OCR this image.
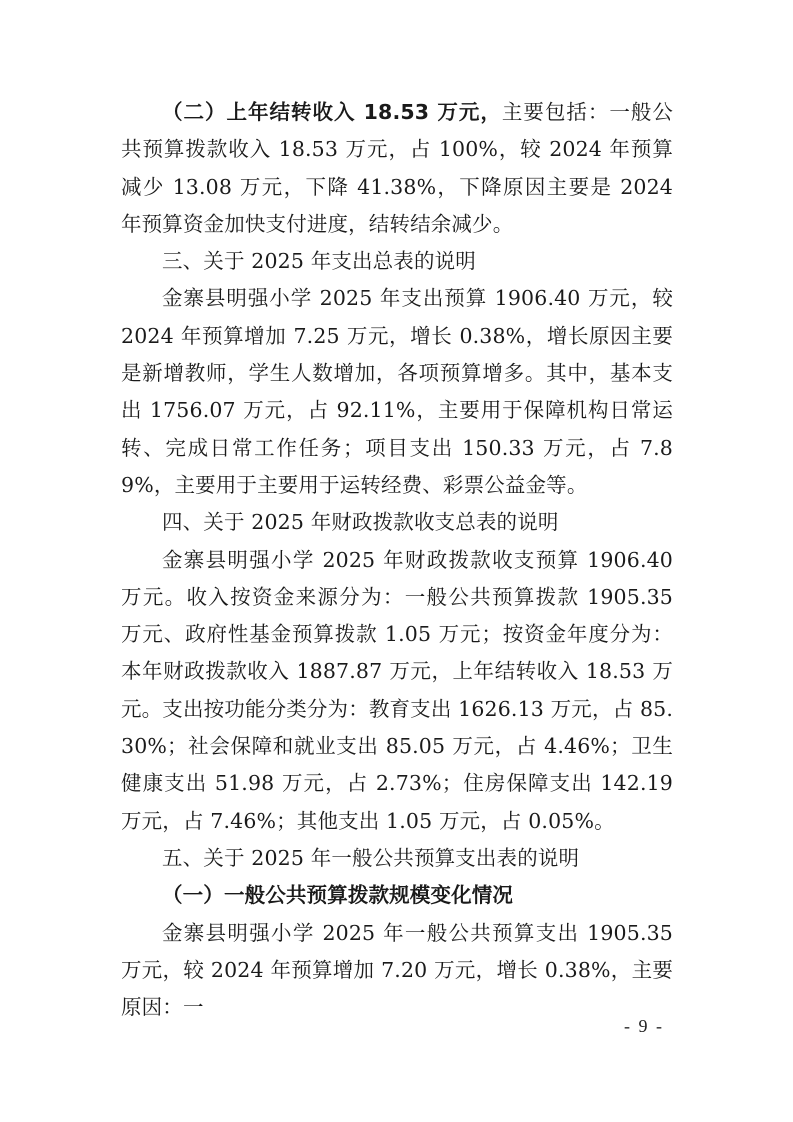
（二）上年结转收入 18.53 万元，主要包括：一般公共预算拨款收入 18.53 万元，占 100%，较 2024 年预算减少 13.08 万元，下降 41.38%，下降原因主要是 2024 年预算资金加快支付进度，结转结余减少。

三、关于 2025 年支出总表的说明

金寨县明强小学 2025 年支出预算 1906.40 万元，较 2024 年预算增加 7.25 万元，增长 0.38%，增长原因主要是新增教师，学生人数增加，各项预算增多。其中，基本支出 1756.07 万元，占 92.11%，主要用于保障机构日常运转、完成日常工作任务；项目支出 150.33 万元，占 7.89%，主要用于主要用于运转经费、彩票公益金等。

四、关于 2025 年财政拨款收支总表的说明

金寨县明强小学 2025 年财政拨款收支预算 1906.40 万元。收入按资金来源分为：一般公共预算拨款 1905.35 万元、政府性基金预算拨款 1.05 万元；按资金年度分为：本年财政拨款收入 1887.87 万元，上年结转收入 18.53 万元。支出按功能分类分为：教育支出 1626.13 万元，占 85.30%；社会保障和就业支出 85.05 万元，占 4.46%；卫生健康支出 51.98 万元，占 2.73%；住房保障支出 142.19 万元，占 7.46%；其他支出 1.05 万元，占 0.05%。

五、关于 2025 年一般公共预算支出表的说明

（一）一般公共预算拨款规模变化情况

金寨县明强小学 2025 年一般公共预算支出 1905.35 万元，较 2024 年预算增加 7.20 万元，增长 0.38%，主要原因：一

- 9 -
